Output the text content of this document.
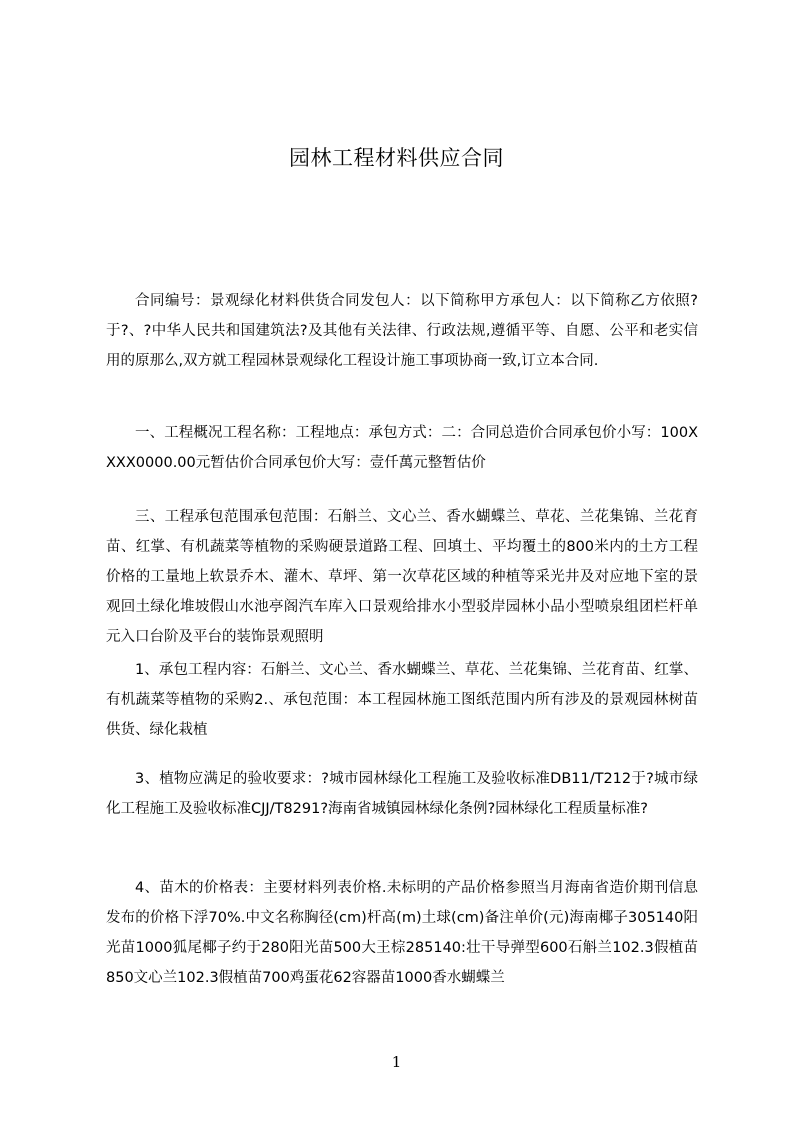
园林工程材料供应合同

合同编号：景观绿化材料供货合同发包人：以下简称甲方承包人：以下简称乙方依照?于?、?中华人民共和国建筑法?及其他有关法律、行政法规,遵循平等、自愿、公平和老实信用的原那么,双方就工程园林景观绿化工程设计施工事项协商一致,订立本合同.

一、工程概况工程名称：工程地点：承包方式：二：合同总造价合同承包价小写：100XXXX0000.00元暂估价合同承包价大写：壹仟萬元整暂估价

三、工程承包范围承包范围：石斛兰、文心兰、香水蝴蝶兰、草花、兰花集锦、兰花育苗、红掌、有机蔬菜等植物的采购硬景道路工程、回填土、平均覆土的800米内的土方工程价格的工量地上软景乔木、灌木、草坪、第一次草花区域的种植等采光井及对应地下室的景观回土绿化堆坡假山水池亭阁汽车库入口景观给排水小型驳岸园林小品小型喷泉组团栏杆单元入口台阶及平台的装饰景观照明

1、承包工程内容：石斛兰、文心兰、香水蝴蝶兰、草花、兰花集锦、兰花育苗、红掌、有机蔬菜等植物的采购2.、承包范围：本工程园林施工图纸范围内所有涉及的景观园林树苗供货、绿化栽植

3、植物应满足的验收要求：?城市园林绿化工程施工及验收标准DB11/T212于?城市绿化工程施工及验收标准CJJ/T8291?海南省城镇园林绿化条例?园林绿化工程质量标准?

4、苗木的价格表：主要材料列表价格.未标明的产品价格参照当月海南省造价期刊信息发布的价格下浮70%.中文名称胸径(cm)杆高(m)土球(cm)备注单价(元)海南椰子305140阳光苗1000狐尾椰子约于280阳光苗500大王棕285140:壮干导弹型600石斛兰102.3假植苗850文心兰102.3假植苗700鸡蛋花62容器苗1000香水蝴蝶兰

1
